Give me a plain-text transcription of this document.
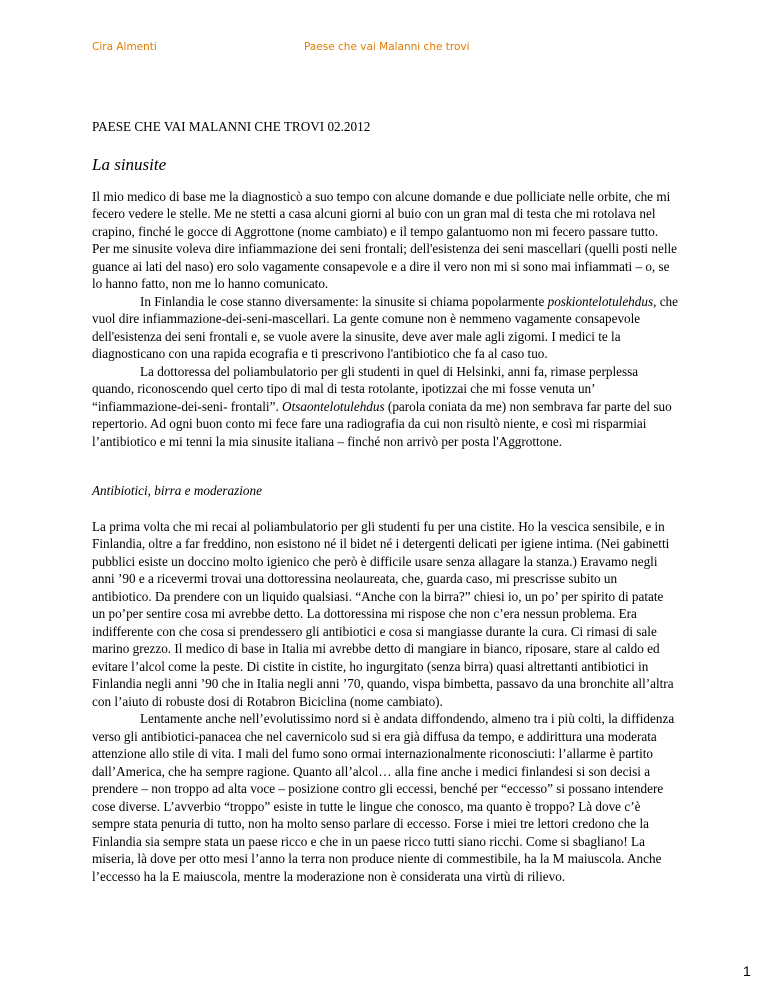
Cira Almenti	Paese che vai Malanni che trovi

PAESE CHE VAI MALANNI CHE TROVI 02.2012

La sinusite

Il mio medico di base me la diagnosticò a suo tempo con alcune domande e due polliciate nelle orbite, che mi fecero vedere le stelle. Me ne stetti a casa alcuni giorni al buio con un gran mal di testa che mi rotolava nel crapino, finché le gocce di Aggrottone (nome cambiato) e il tempo galantuomo non mi fecero passare tutto. Per me sinusite voleva dire infiammazione dei seni frontali; dell'esistenza dei seni mascellari (quelli posti nelle guance ai lati del naso) ero solo vagamente consapevole e a dire il vero non mi si sono mai infiammati – o, se lo hanno fatto, non me lo hanno comunicato.

In Finlandia le cose stanno diversamente: la sinusite si chiama popolarmente poskiontelotulehdus, che vuol dire infiammazione-dei-seni-mascellari. La gente comune non è nemmeno vagamente consapevole dell'esistenza dei seni frontali e, se vuole avere la sinusite, deve aver male agli zigomi. I medici te la diagnosticano con una rapida ecografia e ti prescrivono l'antibiotico che fa al caso tuo.

La dottoressa del poliambulatorio per gli studenti in quel di Helsinki, anni fa, rimase perplessa quando, riconoscendo quel certo tipo di mal di testa rotolante, ipotizzai che mi fosse venuta un’ “infiammazione-dei-seni- frontali”. Otsaontelotulehdus (parola coniata da me) non sembrava far parte del suo repertorio. Ad ogni buon conto mi fece fare una radiografia da cui non risultò niente, e così mi risparmiai l’antibiotico e mi tenni la mia sinusite italiana – finché non arrivò per posta l'Aggrottone.

Antibiotici, birra e moderazione

La prima volta che mi recai al poliambulatorio per gli studenti fu per una cistite. Ho la vescica sensibile, e in Finlandia, oltre a far freddino, non esistono né il bidet né i detergenti delicati per igiene intima. (Nei gabinetti pubblici esiste un doccino molto igienico che però è difficile usare senza allagare la stanza.) Eravamo negli anni ’90 e a ricevermi trovai una dottoressina neolaureata, che, guarda caso, mi prescrisse subito un antibiotico. Da prendere con un liquido qualsiasi. “Anche con la birra?” chiesi io, un po’ per spirito di patate un po’per sentire cosa mi avrebbe detto. La dottoressina mi rispose che non c’era nessun problema. Era indifferente con che cosa si prendessero gli antibiotici e cosa si mangiasse durante la cura. Ci rimasi di sale marino grezzo. Il medico di base in Italia mi avrebbe detto di mangiare in bianco, riposare, stare al caldo ed evitare l’alcol come la peste. Di cistite in cistite, ho ingurgitato (senza birra) quasi altrettanti antibiotici in Finlandia negli anni ’90 che in Italia negli anni ’70, quando, vispa bimbetta, passavo da una bronchite all’altra con l’aiuto di robuste dosi di Rotabron Biciclina (nome cambiato).

Lentamente anche nell’evolutissimo nord si è andata diffondendo, almeno tra i più colti, la diffidenza verso gli antibiotici-panacea che nel cavernicolo sud si era già diffusa da tempo, e addirittura una moderata attenzione allo stile di vita. I mali del fumo sono ormai internazionalmente riconosciuti: l’allarme è partito dall’America, che ha sempre ragione. Quanto all’alcol… alla fine anche i medici finlandesi si son decisi a prendere – non troppo ad alta voce – posizione contro gli eccessi, benché per “eccesso” si possano intendere cose diverse. L’avverbio “troppo” esiste in tutte le lingue che conosco, ma quanto è troppo? Là dove c’è sempre stata penuria di tutto, non ha molto senso parlare di eccesso. Forse i miei tre lettori credono che la Finlandia sia sempre stata un paese ricco e che in un paese ricco tutti siano ricchi. Come si sbagliano! La miseria, là dove per otto mesi l’anno la terra non produce niente di commestibile, ha la M maiuscola. Anche l’eccesso ha la E maiuscola, mentre la moderazione non è considerata una virtù di rilievo.

1
